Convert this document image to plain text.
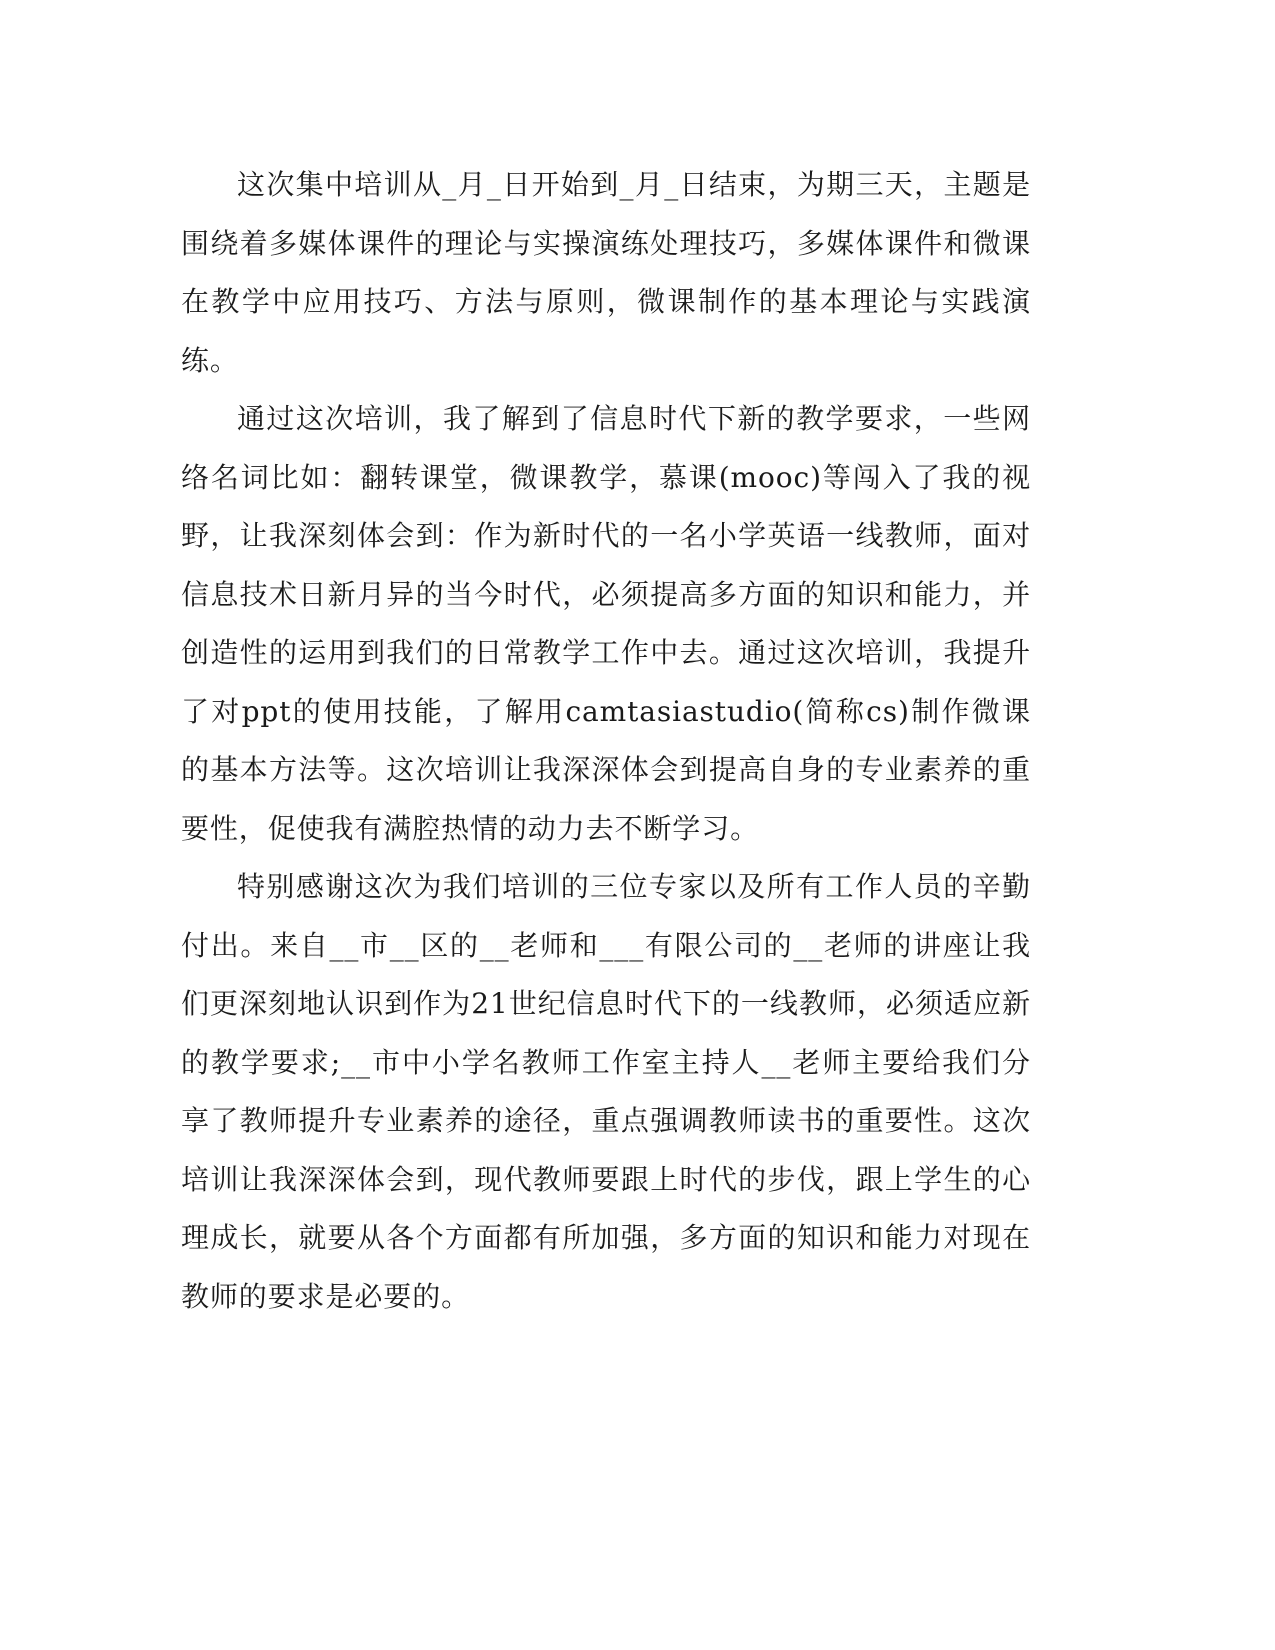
这次集中培训从_月_日开始到_月_日结束，为期三天，主题是围绕着多媒体课件的理论与实操演练处理技巧，多媒体课件和微课在教学中应用技巧、方法与原则，微课制作的基本理论与实践演练。

通过这次培训，我了解到了信息时代下新的教学要求，一些网络名词比如：翻转课堂，微课教学，慕课(mooc)等闯入了我的视野，让我深刻体会到：作为新时代的一名小学英语一线教师，面对信息技术日新月异的当今时代，必须提高多方面的知识和能力，并创造性的运用到我们的日常教学工作中去。通过这次培训，我提升了对ppt的使用技能，了解用camtasiastudio(简称cs)制作微课的基本方法等。这次培训让我深深体会到提高自身的专业素养的重要性，促使我有满腔热情的动力去不断学习。

特别感谢这次为我们培训的三位专家以及所有工作人员的辛勤付出。来自__市__区的__老师和___有限公司的__老师的讲座让我们更深刻地认识到作为21世纪信息时代下的一线教师，必须适应新的教学要求;__市中小学名教师工作室主持人__老师主要给我们分享了教师提升专业素养的途径，重点强调教师读书的重要性。这次培训让我深深体会到，现代教师要跟上时代的步伐，跟上学生的心理成长，就要从各个方面都有所加强，多方面的知识和能力对现在教师的要求是必要的。
